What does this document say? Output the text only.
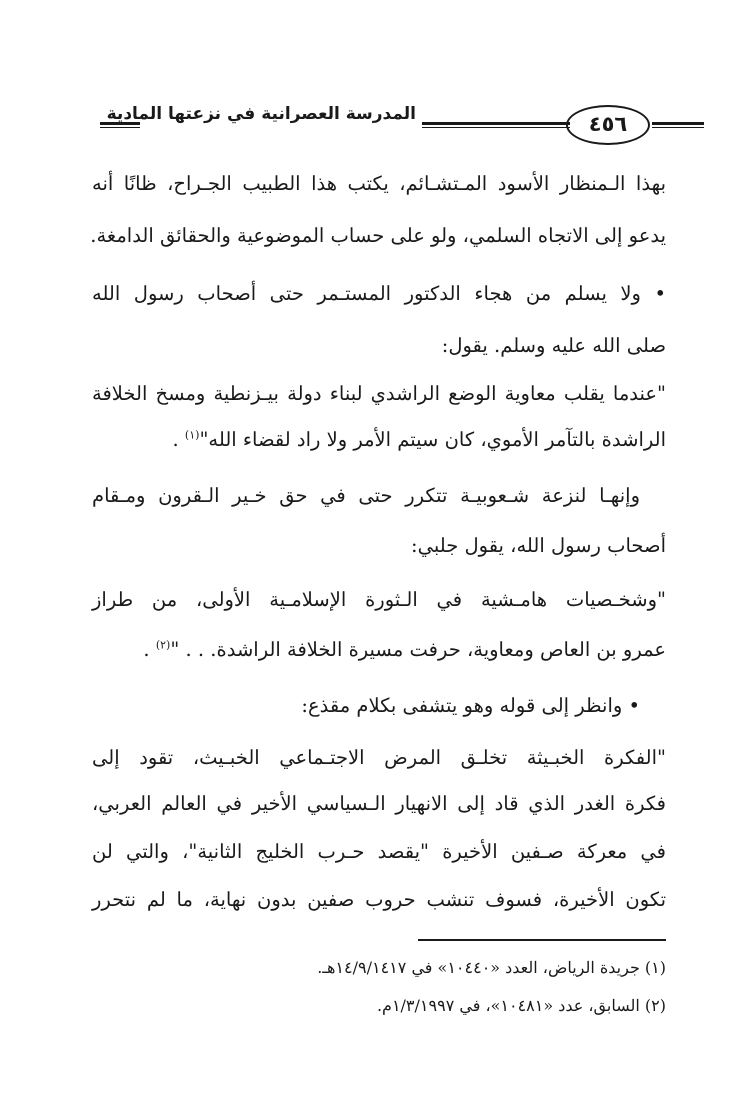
المدرسة العصرانية في نزعتها المادية	٤٥٦
بهذا الـمنظار الأسود المـتشـائم، يكتب هذا الطبيب الجـراح، ظانًا أنه
يدعو إلى الاتجاه السلمي، ولو على حساب الموضوعية والحقائق الدامغة.
• ولا يسلم من هجاء الدكتور المستـمر حتى أصحاب رسول الله
صلى الله عليه وسلم. يقول:
"عندما يقلب معاوية الوضع الراشدي لبناء دولة بيـزنطية ومسخ الخلافة
الراشدة بالتآمر الأموي، كان سيتم الأمر ولا راد لقضاء الله"$^{(١)}$ .
وإنهـا لنزعة شـعوبيـة تتكرر حتى في حق خـير الـقرون ومـقام
أصحاب رسول الله، يقول جلبي:
"وشخـصيات هامـشية في الـثورة الإسلامـية الأولى، من طراز
عمرو بن العاص ومعاوية، حرفت مسيرة الخلافة الراشدة. . . "$^{(٢)}$ .
• وانظر إلى قوله وهو يتشفى بكلام مقذع:
"الفكرة الخبـيثة تخلـق المرض الاجتـماعي الخبـيث، تقود إلى
فكرة الغدر الذي قاد إلى الانهيار الـسياسي الأخير في العالم العربي،
في معركة صـفين الأخيرة "يقصد حـرب الخليج الثانية"، والتي لن
تكون الأخيرة، فسوف تنشب حروب صفين بدون نهاية، ما لم نتحرر
(١) جريدة الرياض، العدد «١٠٤٤٠» في ١٤/٩/١٤١٧هـ.
(٢) السابق، عدد «١٠٤٨١»، في ١/٣/١٩٩٧م.
